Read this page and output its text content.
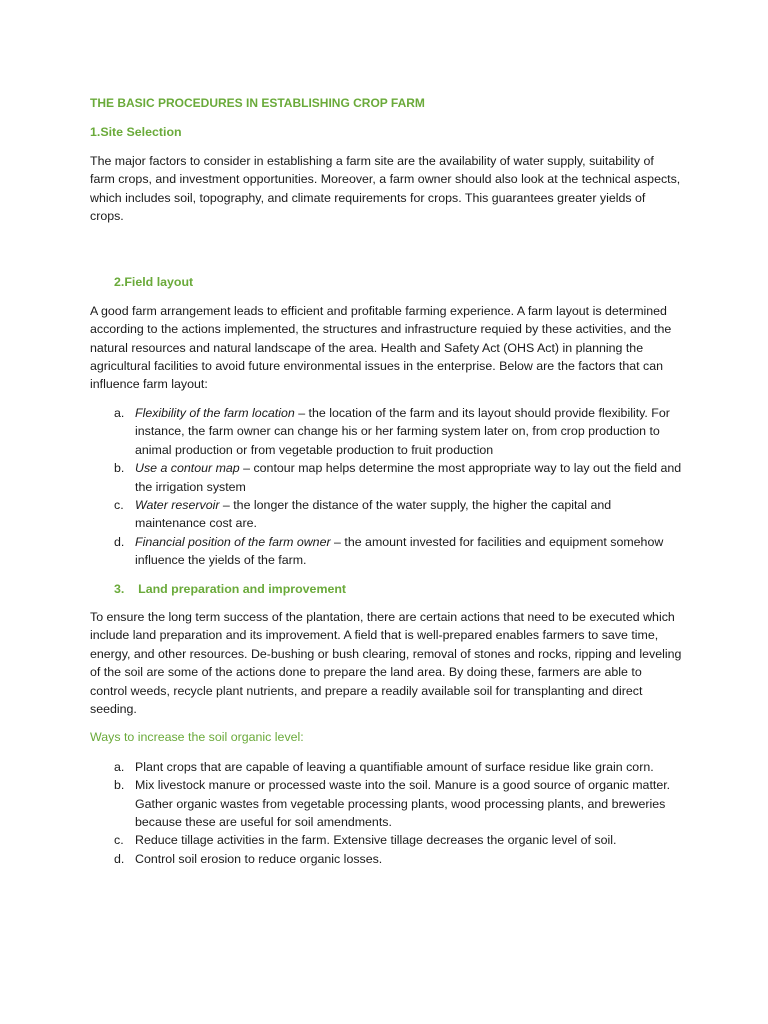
THE BASIC PROCEDURES IN ESTABLISHING CROP FARM
1.Site Selection

The major factors to consider in establishing a farm site are the availability of water supply, suitability of farm crops, and investment opportunities. Moreover, a farm owner should also look at the technical aspects, which includes soil, topography, and climate requirements for crops. This guarantees greater yields of crops.

2.Field layout

A good farm arrangement leads to efficient and profitable farming experience. A farm layout is determined according to the actions implemented, the structures and infrastructure requied by these activities, and the natural resources and natural landscape of the area. Health and Safety Act (OHS Act) in planning the agricultural facilities to avoid future environmental issues in the enterprise. Below are the factors that can influence farm layout:

a. Flexibility of the farm location – the location of the farm and its layout should provide flexibility. For instance, the farm owner can change his or her farming system later on, from crop production to animal production or from vegetable production to fruit production
b. Use a contour map – contour map helps determine the most appropriate way to lay out the field and the irrigation system
c. Water reservoir – the longer the distance of the water supply, the higher the capital and maintenance cost are.
d. Financial position of the farm owner – the amount invested for facilities and equipment somehow influence the yields of the farm.
3. Land preparation and improvement

To ensure the long term success of the plantation, there are certain actions that need to be executed which include land preparation and its improvement. A field that is well-prepared enables farmers to save time, energy, and other resources. De-bushing or bush clearing, removal of stones and rocks, ripping and leveling of the soil are some of the actions done to prepare the land area. By doing these, farmers are able to control weeds, recycle plant nutrients, and prepare a readily available soil for transplanting and direct seeding.

Ways to increase the soil organic level:
a. Plant crops that are capable of leaving a quantifiable amount of surface residue like grain corn.
b. Mix livestock manure or processed waste into the soil. Manure is a good source of organic matter. Gather organic wastes from vegetable processing plants, wood processing plants, and breweries because these are useful for soil amendments.
c. Reduce tillage activities in the farm. Extensive tillage decreases the organic level of soil.
d. Control soil erosion to reduce organic losses.
